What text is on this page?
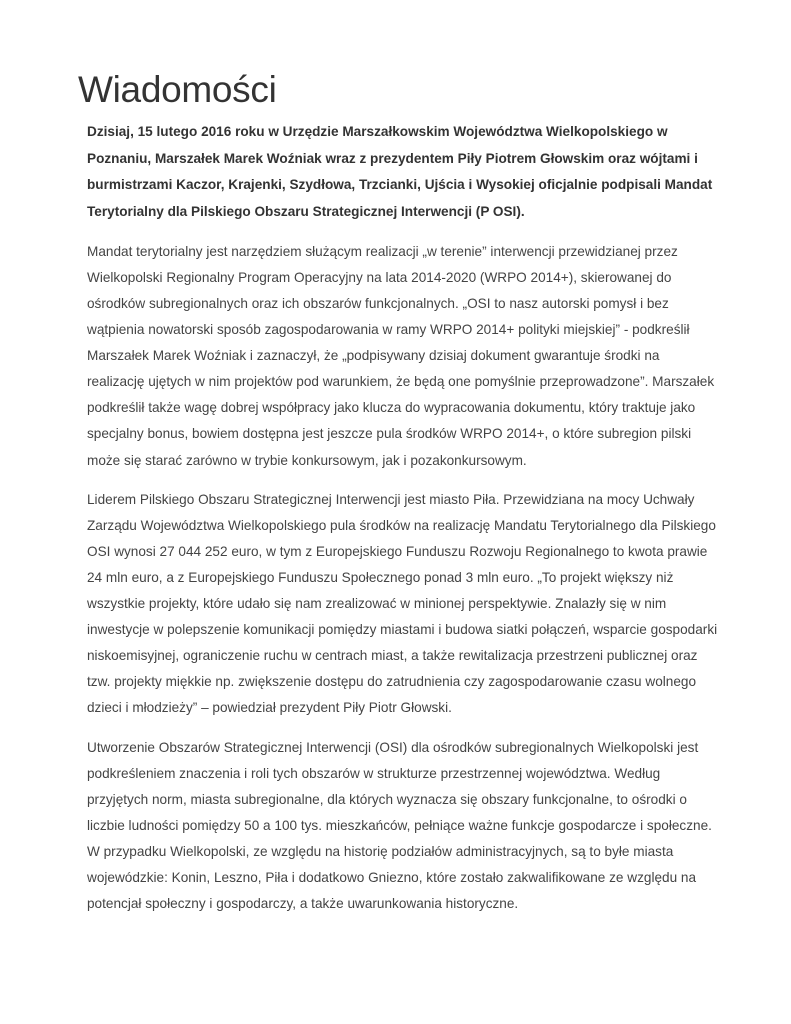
Wiadomości

Dzisiaj, 15 lutego 2016 roku w Urzędzie Marszałkowskim Województwa Wielkopolskiego w Poznaniu, Marszałek Marek Woźniak wraz z prezydentem Piły Piotrem Głowskim oraz wójtami i burmistrzami Kaczor, Krajenki, Szydłowa, Trzcianki, Ujścia i Wysokiej oficjalnie podpisali Mandat Terytorialny dla Pilskiego Obszaru Strategicznej Interwencji (P OSI).

Mandat terytorialny jest narzędziem służącym realizacji „w terenie” interwencji przewidzianej przez Wielkopolski Regionalny Program Operacyjny na lata 2014-2020 (WRPO 2014+), skierowanej do ośrodków subregionalnych oraz ich obszarów funkcjonalnych. „OSI to nasz autorski pomysł i bez wątpienia nowatorski sposób zagospodarowania w ramy WRPO 2014+ polityki miejskiej” - podkreślił Marszałek Marek Woźniak i zaznaczył, że „podpisywany dzisiaj dokument gwarantuje środki na realizację ujętych w nim projektów pod warunkiem, że będą one pomyślnie przeprowadzone”. Marszałek podkreślił także wagę dobrej współpracy jako klucza do wypracowania dokumentu, który traktuje jako specjalny bonus, bowiem dostępna jest jeszcze pula środków WRPO 2014+, o które subregion pilski może się starać zarówno w trybie konkursowym, jak i pozakonkursowym.

Liderem Pilskiego Obszaru Strategicznej Interwencji jest miasto Piła. Przewidziana na mocy Uchwały Zarządu Województwa Wielkopolskiego pula środków na realizację Mandatu Terytorialnego dla Pilskiego OSI wynosi 27 044 252 euro, w tym z Europejskiego Funduszu Rozwoju Regionalnego to kwota prawie 24 mln euro, a z Europejskiego Funduszu Społecznego ponad 3 mln euro. „To projekt większy niż wszystkie projekty, które udało się nam zrealizować w minionej perspektywie. Znalazły się w nim inwestycje w polepszenie komunikacji pomiędzy miastami i budowa siatki połączeń, wsparcie gospodarki niskoemisyjnej, ograniczenie ruchu w centrach miast, a także rewitalizacja przestrzeni publicznej oraz tzw. projekty miękkie np. zwiększenie dostępu do zatrudnienia czy zagospodarowanie czasu wolnego dzieci i młodzieży” – powiedział prezydent Piły Piotr Głowski.

Utworzenie Obszarów Strategicznej Interwencji (OSI) dla ośrodków subregionalnych Wielkopolski jest podkreśleniem znaczenia i roli tych obszarów w strukturze przestrzennej województwa. Według przyjętych norm, miasta subregionalne, dla których wyznacza się obszary funkcjonalne, to ośrodki o liczbie ludności pomiędzy 50 a 100 tys. mieszkańców, pełniące ważne funkcje gospodarcze i społeczne. W przypadku Wielkopolski, ze względu na historię podziałów administracyjnych, są to byłe miasta wojewódzkie: Konin, Leszno, Piła i dodatkowo Gniezno, które zostało zakwalifikowane ze względu na potencjał społeczny i gospodarczy, a także uwarunkowania historyczne.
